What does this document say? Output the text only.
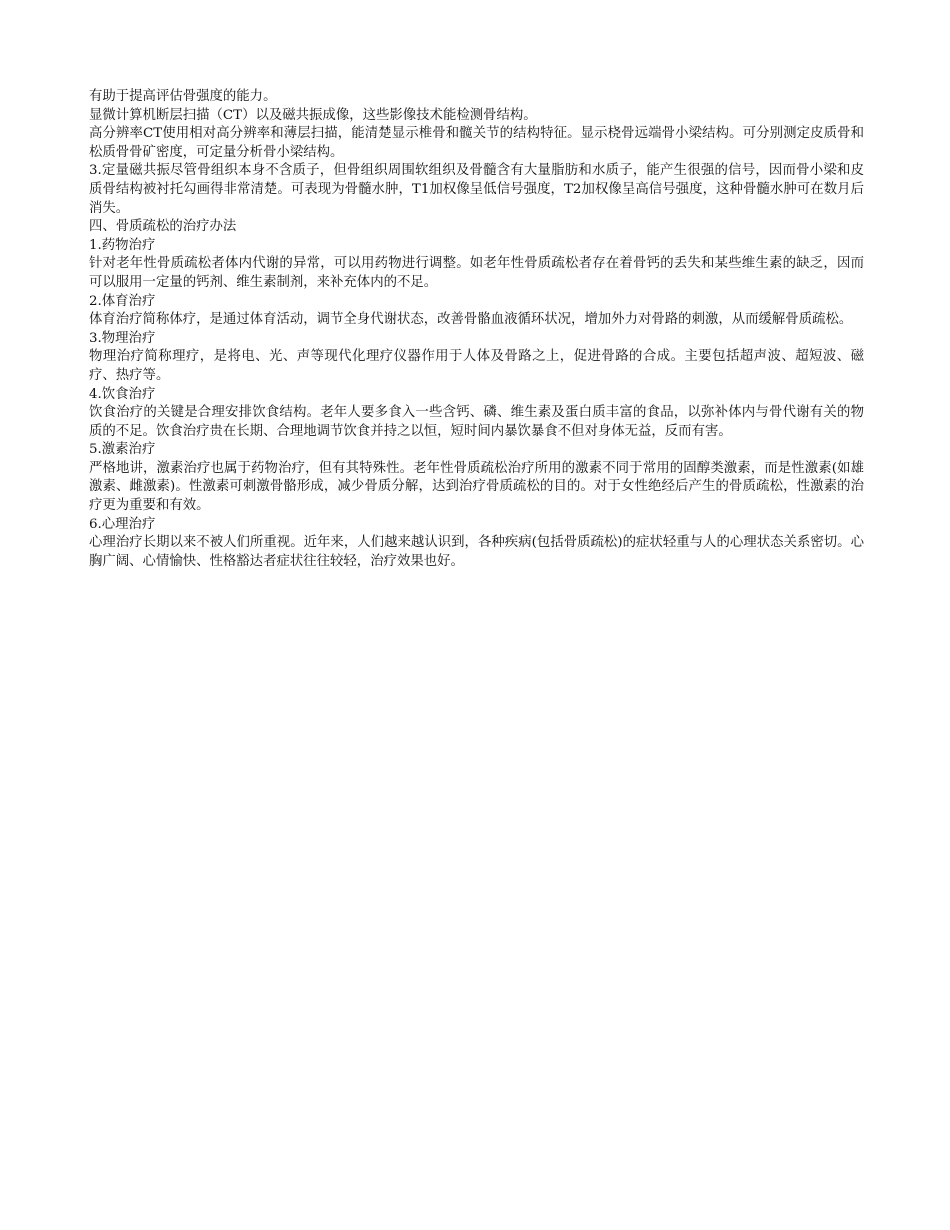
有助于提高评估骨强度的能力。

显微计算机断层扫描（CT）以及磁共振成像，这些影像技术能检测骨结构。

高分辨率CT使用相对高分辨率和薄层扫描，能清楚显示椎骨和髋关节的结构特征。显示桡骨远端骨小梁结构。可分别测定皮质骨和松质骨骨矿密度，可定量分析骨小梁结构。

3.定量磁共振尽管骨组织本身不含质子，但骨组织周围软组织及骨髓含有大量脂肪和水质子，能产生很强的信号，因而骨小梁和皮质骨结构被衬托勾画得非常清楚。可表现为骨髓水肿，T1加权像呈低信号强度，T2加权像呈高信号强度，这种骨髓水肿可在数月后消失。

四、骨质疏松的治疗办法

1.药物治疗

针对老年性骨质疏松者体内代谢的异常，可以用药物进行调整。如老年性骨质疏松者存在着骨钙的丢失和某些维生素的缺乏，因而可以服用一定量的钙剂、维生素制剂，来补充体内的不足。

2.体育治疗

体育治疗简称体疗，是通过体育活动，调节全身代谢状态，改善骨骼血液循环状况，增加外力对骨路的刺激，从而缓解骨质疏松。

3.物理治疗

物理治疗简称理疗，是将电、光、声等现代化理疗仪器作用于人体及骨路之上，促进骨路的合成。主要包括超声波、超短波、磁疗、热疗等。

4.饮食治疗

饮食治疗的关键是合理安排饮食结构。老年人要多食入一些含钙、磷、维生素及蛋白质丰富的食品，以弥补体内与骨代谢有关的物质的不足。饮食治疗贵在长期、合理地调节饮食并持之以恒，短时间内暴饮暴食不但对身体无益，反而有害。

5.激素治疗

严格地讲，激素治疗也属于药物治疗，但有其特殊性。老年性骨质疏松治疗所用的激素不同于常用的固醇类激素，而是性激素(如雄激素、雌激素)。性激素可刺激骨骼形成，减少骨质分解，达到治疗骨质疏松的目的。对于女性绝经后产生的骨质疏松，性激素的治疗更为重要和有效。

6.心理治疗

心理治疗长期以来不被人们所重视。近年来，人们越来越认识到，各种疾病(包括骨质疏松)的症状轻重与人的心理状态关系密切。心胸广阔、心情愉快、性格豁达者症状往往较轻，治疗效果也好。
